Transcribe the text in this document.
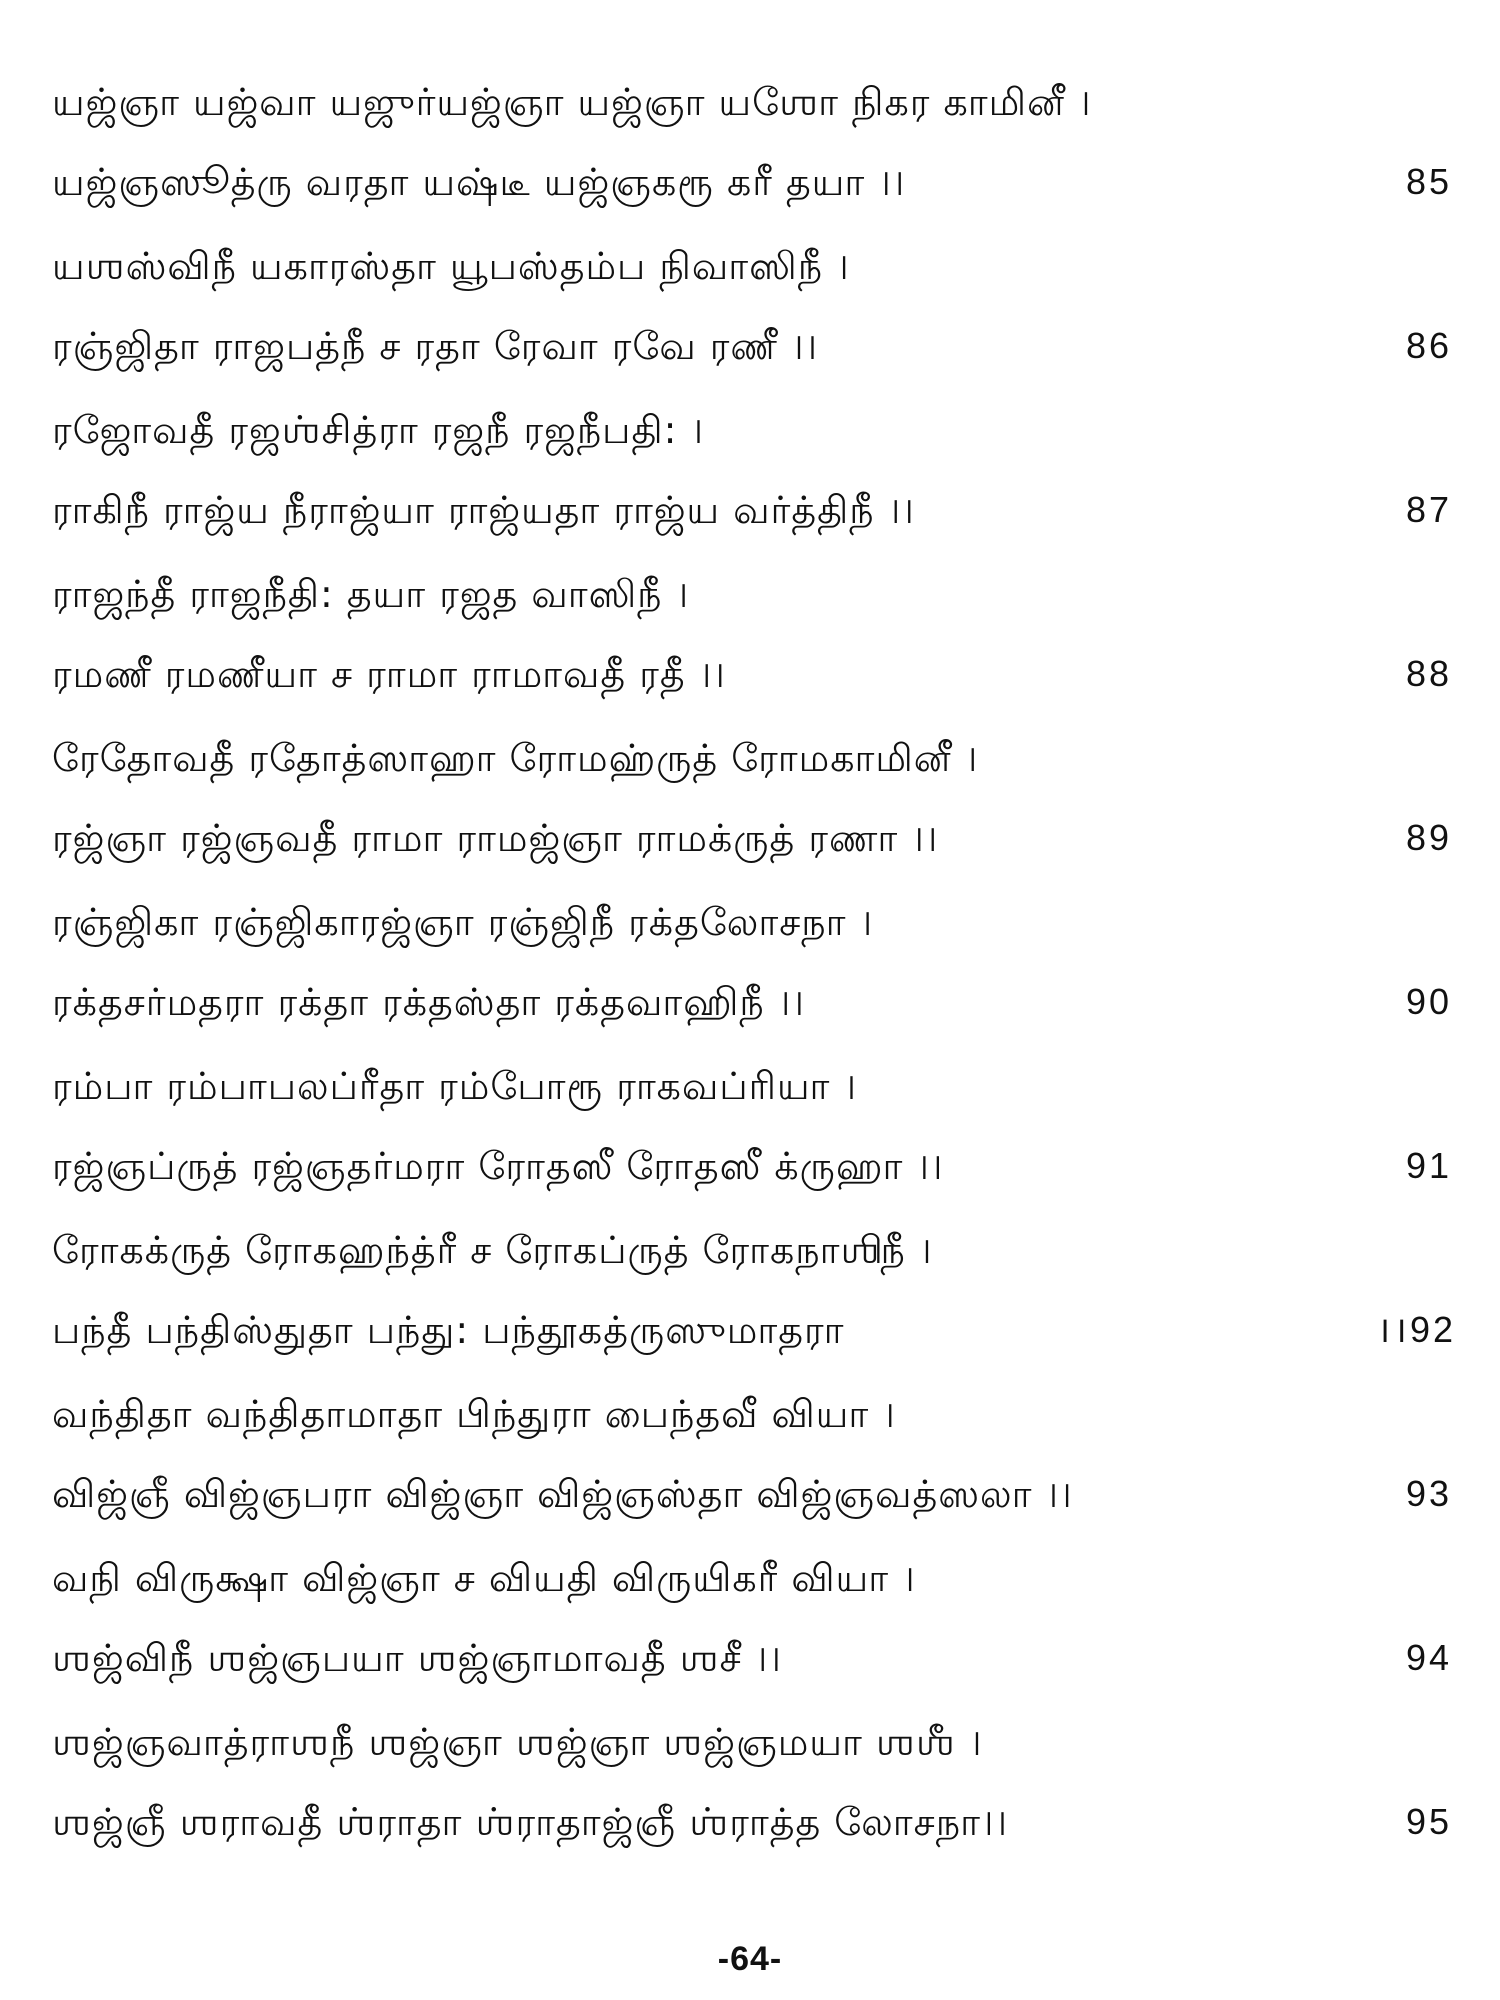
யஜ்ஞா யஜ்வா யஜுர்யஜ்ஞா யஜ்ஞா யஶோ நிகர காமினீ ।
யஜ்ஞஸூத்ரு வரதா யஷ்டீ யஜ்ஞகரூ கரீ தயா ।।	85
யஶஸ்விநீ யகாரஸ்தா யூபஸ்தம்ப நிவாஸிநீ ।
ரஞ்ஜிதா ராஜபத்நீ ச ரதா ரேவா ரவே ரணீ ।।	86
ரஜோவதீ ரஜஶ்சித்ரா ரஜநீ ரஜநீபதி: ।
ராகிநீ ராஜ்ய நீராஜ்யா ராஜ்யதா ராஜ்ய வர்த்திநீ ।।	87
ராஜந்தீ ராஜநீதி: தயா ரஜத வாஸிநீ ।
ரமணீ ரமணீயா ச ராமா ராமாவதீ ரதீ ।।	88
ரேதோவதீ ரதோத்ஸாஹா ரோமஹ்ருத் ரோமகாமினீ ।
ரஜ்ஞா ரஜ்ஞவதீ ராமா ராமஜ்ஞா ராமக்ருத் ரணா ।।	89
ரஞ்ஜிகா ரஞ்ஜிகாரஜ்ஞா ரஞ்ஜிநீ ரக்தலோசநா ।
ரக்தசர்மதரா ரக்தா ரக்தஸ்தா ரக்தவாஹிநீ ।।	90
ரம்பா ரம்பாபலப்ரீதா ரம்போரூ ராகவப்ரியா ।
ரஜ்ஞப்ருத் ரஜ்ஞதர்மரா ரோதஸீ ரோதஸீ க்ருஹா ।।	91
ரோகக்ருத் ரோகஹந்த்ரீ ச ரோகப்ருத் ரோகநாஶிநீ ।
பந்தீ பந்திஸ்துதா பந்து: பந்தூகத்ருஸுமாதரா	।।92
வந்திதா வந்திதாமாதா பிந்துரா பைந்தவீ வியா ।
விஜ்ஞீ விஜ்ஞபரா விஜ்ஞா விஜ்ஞஸ்தா விஜ்ஞவத்ஸலா ।।	93
வநி விருக்ஷா விஜ்ஞா ச வியதி விருயிகரீ வியா ।
ஶஜ்விநீ ஶஜ்ஞபயா ஶஜ்ஞாமாவதீ ஶசீ ।।	94
ஶஜ்ஞவாத்ராஶநீ ஶஜ்ஞா ஶஜ்ஞா ஶஜ்ஞமயா ஶஶீ ।
ஶஜ்ஞீ ஶராவதீ ஶ்ராதா ஶ்ராதாஜ்ஞீ ஶ்ராத்த லோசநா।।	95
-64-
